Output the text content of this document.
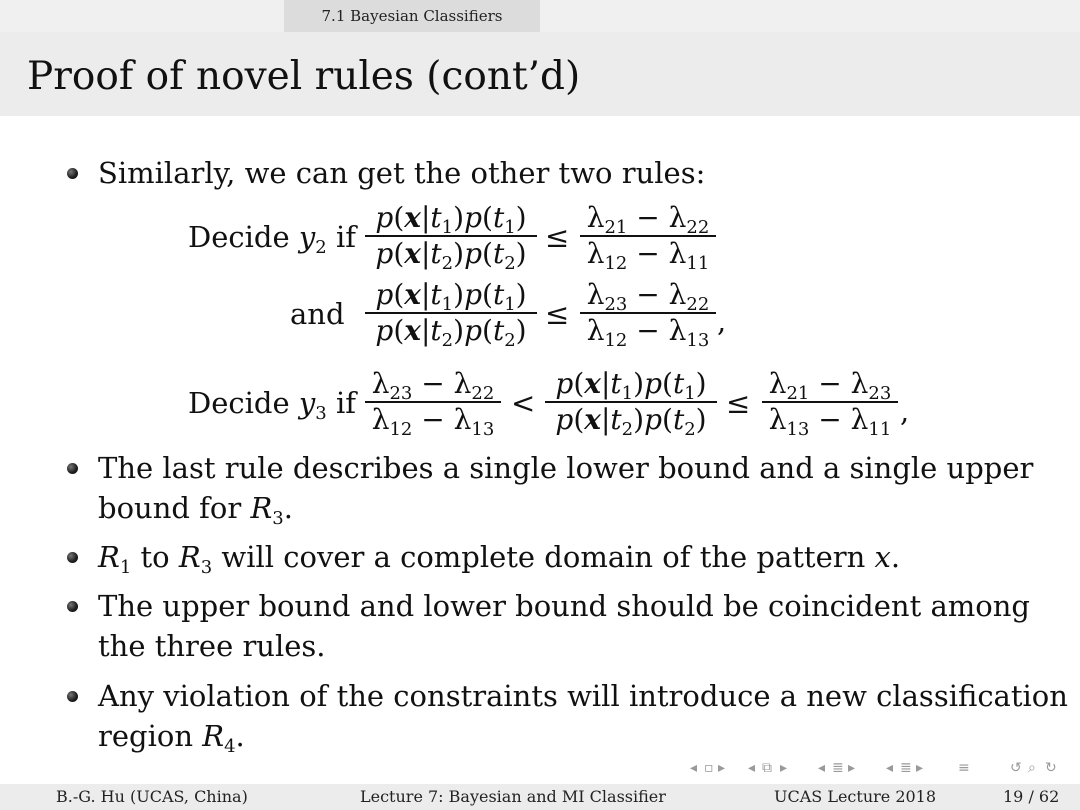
7.1 Bayesian Classifiers
Proof of novel rules (cont’d)
Similarly, we can get the other two rules:
Decide $y_2$ if
$p(x|t_1)p(t_1)$
$p(x|t_2)p(t_2)$ ≤
$\lambda_{21} - \lambda_{22}$
$\lambda_{12} - \lambda_{11}$
and
$p(x|t_1)p(t_1)$
$p(x|t_2)p(t_2)$ ≤
$\lambda_{23} - \lambda_{22}$
$\lambda_{12} - \lambda_{13}$
,
Decide $y_3$ if
$\lambda_{23} - \lambda_{22}$
$\lambda_{12} - \lambda_{13}$
<
$p(x|t_1)p(t_1)$
$p(x|t_2)p(t_2)$ ≤
$\lambda_{21} - \lambda_{23}$
$\lambda_{13} - \lambda_{11}$
,
The last rule describes a single lower bound and a single upper
bound for $R_3$.
$R_1$ to $R_3$ will cover a complete domain of the pattern x.
The upper bound and lower bound should be coincident among
the three rules.
Any violation of the constraints will introduce a new classification
region $R_4$.
◂ ▫ ▸ ◂ ⧉ ▸ ◂ ≣ ▸ ◂ ≣ ▸ ≡	↺ ⌕ ↻
B.-G. Hu (UCAS, China)	Lecture 7: Bayesian and MI Classifier	UCAS Lecture 2018	19 / 62
